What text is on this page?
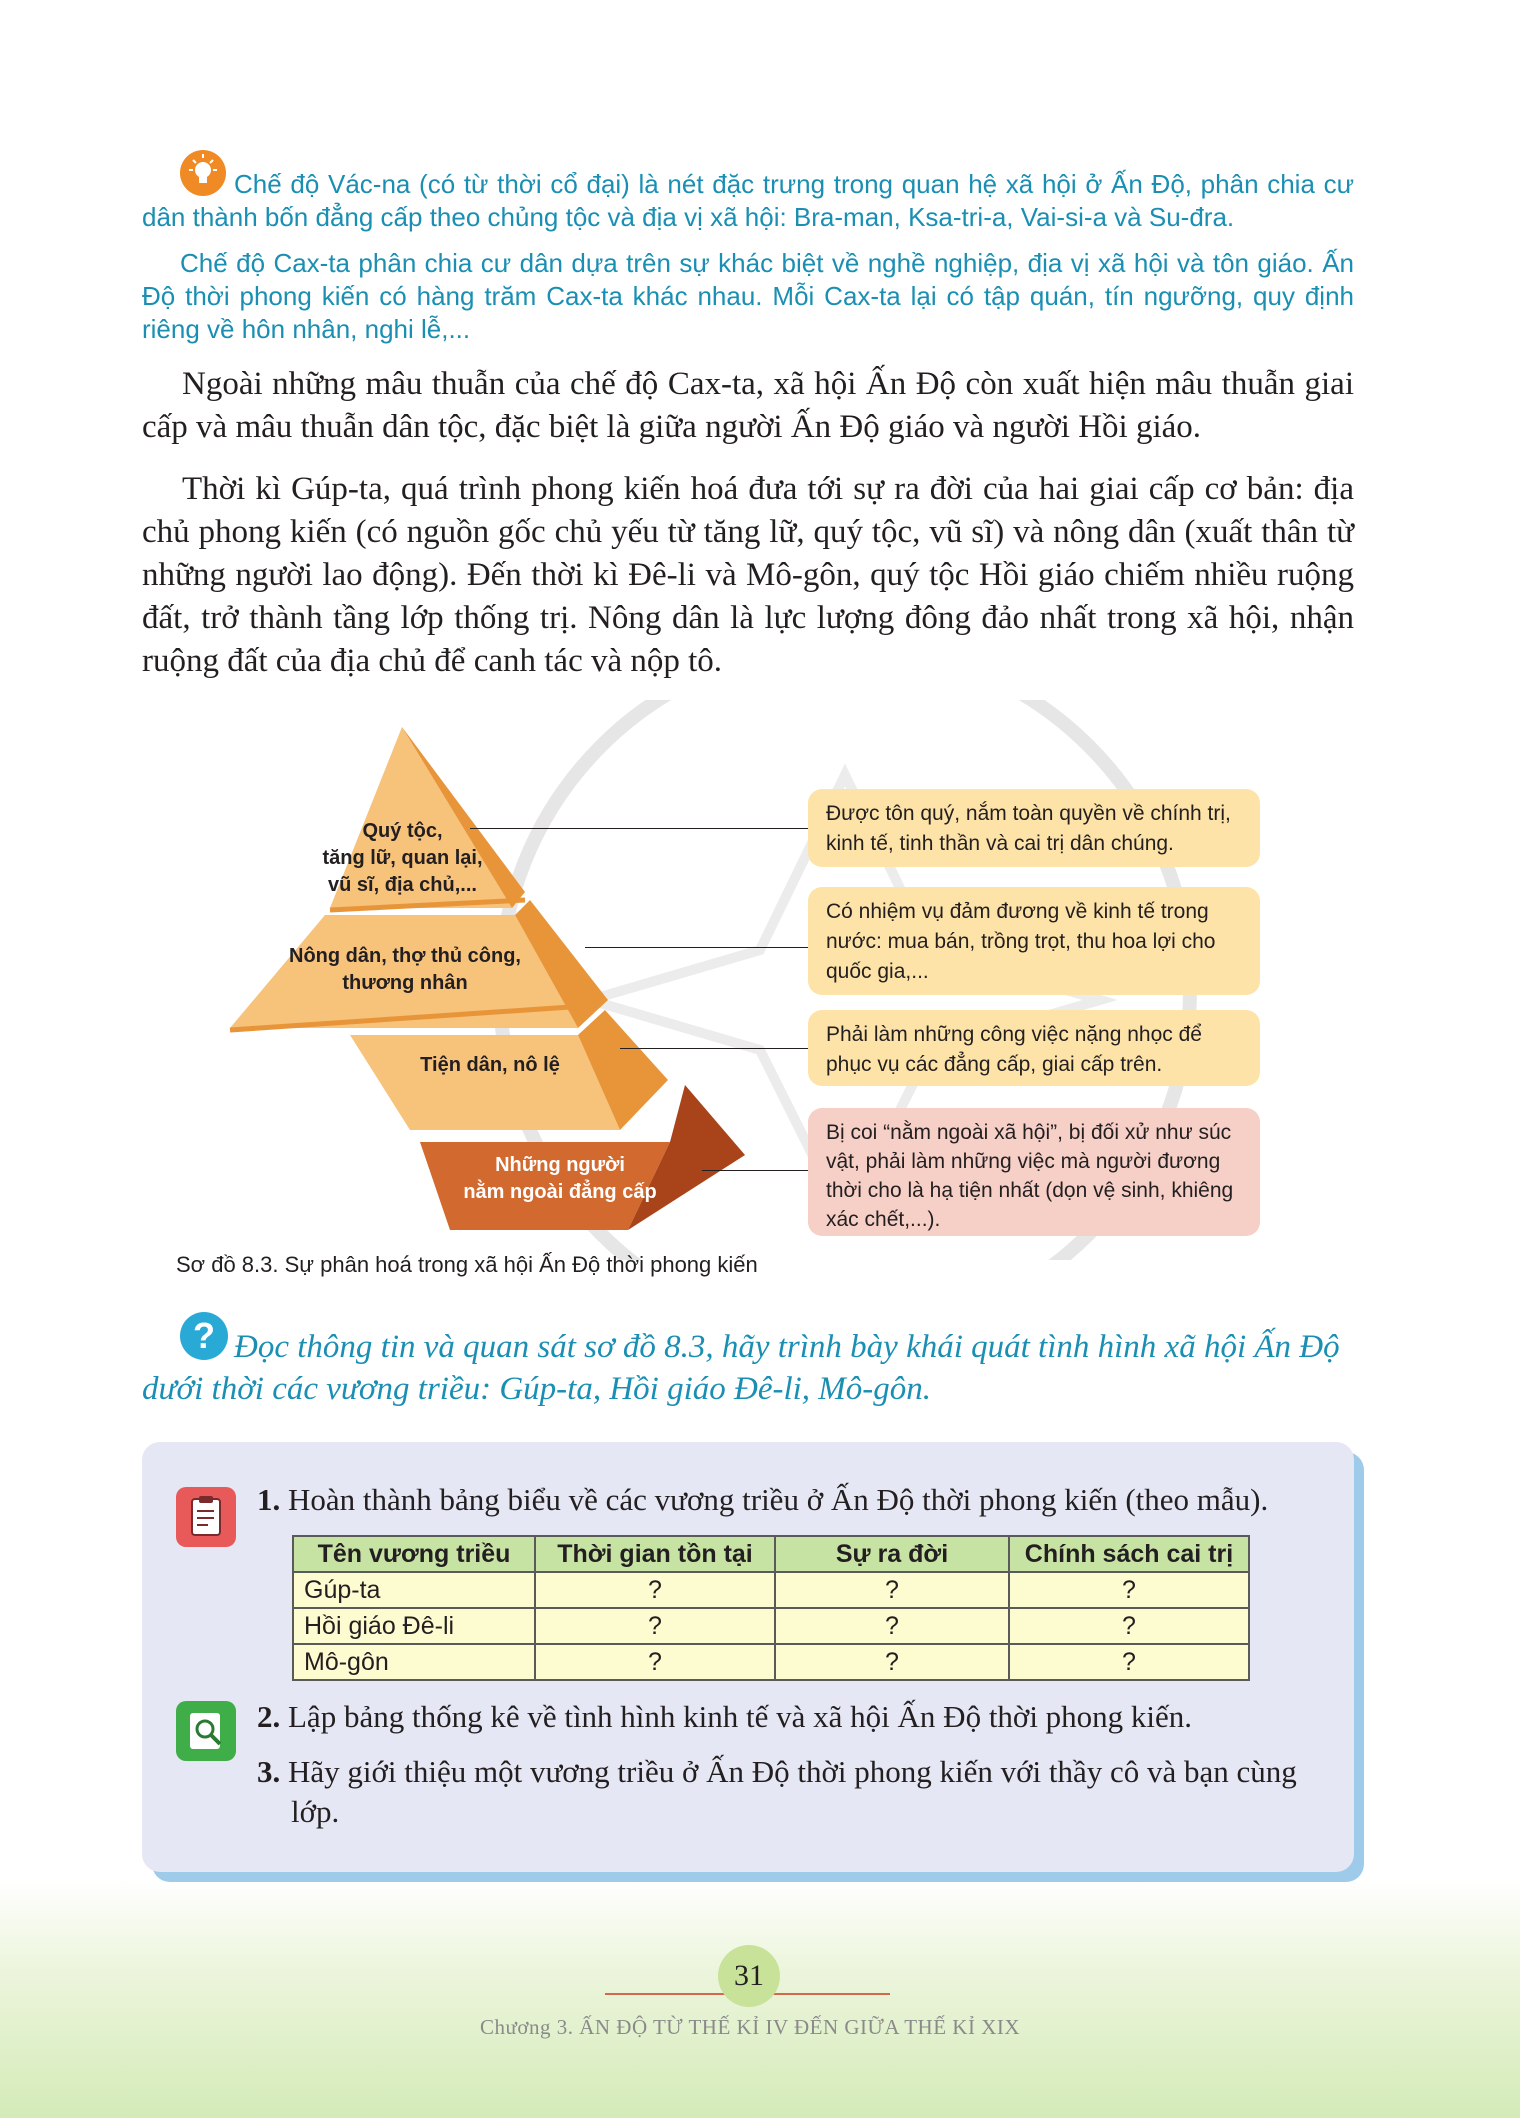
Chế độ Vác-na (có từ thời cổ đại) là nét đặc trưng trong quan hệ xã hội ở Ấn Độ, phân chia cư dân thành bốn đẳng cấp theo chủng tộc và địa vị xã hội: Bra-man, Ksa-tri-a, Vai-si-a và Su-đra.

Chế độ Cax-ta phân chia cư dân dựa trên sự khác biệt về nghề nghiệp, địa vị xã hội và tôn giáo. Ấn Độ thời phong kiến có hàng trăm Cax-ta khác nhau. Mỗi Cax-ta lại có tập quán, tín ngưỡng, quy định riêng về hôn nhân, nghi lễ,...

Ngoài những mâu thuẫn của chế độ Cax-ta, xã hội Ấn Độ còn xuất hiện mâu thuẫn giai cấp và mâu thuẫn dân tộc, đặc biệt là giữa người Ấn Độ giáo và người Hồi giáo.

Thời kì Gúp-ta, quá trình phong kiến hoá đưa tới sự ra đời của hai giai cấp cơ bản: địa chủ phong kiến (có nguồn gốc chủ yếu từ tăng lữ, quý tộc, vũ sĩ) và nông dân (xuất thân từ những người lao động). Đến thời kì Đê-li và Mô-gôn, quý tộc Hồi giáo chiếm nhiều ruộng đất, trở thành tầng lớp thống trị. Nông dân là lực lượng đông đảo nhất trong xã hội, nhận ruộng đất của địa chủ để canh tác và nộp tô.

Quý tộc,
tăng lữ, quan lại,
vũ sĩ, địa chủ,...
Nông dân, thợ thủ công,
thương nhân
Tiện dân, nô lệ
Những người
nằm ngoài đẳng cấp
Được tôn quý, nắm toàn quyền về chính trị, kinh tế, tinh thần và cai trị dân chúng.
Có nhiệm vụ đảm đương về kinh tế trong nước: mua bán, trồng trọt, thu hoa lợi cho quốc gia,...
Phải làm những công việc nặng nhọc để phục vụ các đẳng cấp, giai cấp trên.
Bị coi “nằm ngoài xã hội”, bị đối xử như súc vật, phải làm những việc mà người đương thời cho là hạ tiện nhất (dọn vệ sinh, khiêng xác chết,...).
Sơ đồ 8.3. Sự phân hoá trong xã hội Ấn Độ thời phong kiến
? Đọc thông tin và quan sát sơ đồ 8.3, hãy trình bày khái quát tình hình xã hội Ấn Độ dưới thời các vương triều: Gúp-ta, Hồi giáo Đê-li, Mô-gôn.

1. Hoàn thành bảng biểu về các vương triều ở Ấn Độ thời phong kiến (theo mẫu).
2. Lập bảng thống kê về tình hình kinh tế và xã hội Ấn Độ thời phong kiến.
3. Hãy giới thiệu một vương triều ở Ấn Độ thời phong kiến với thầy cô và bạn cùng lớp.
Tên vương triều	Thời gian tồn tại	Sự ra đời	Chính sách cai trị
Gúp-ta	?	?	?
Hồi giáo Đê-li	?	?	?
Mô-gôn	?	?	?
31
Chương 3. ẤN ĐỘ TỪ THẾ KỈ IV ĐẾN GIỮA THẾ KỈ XIX
